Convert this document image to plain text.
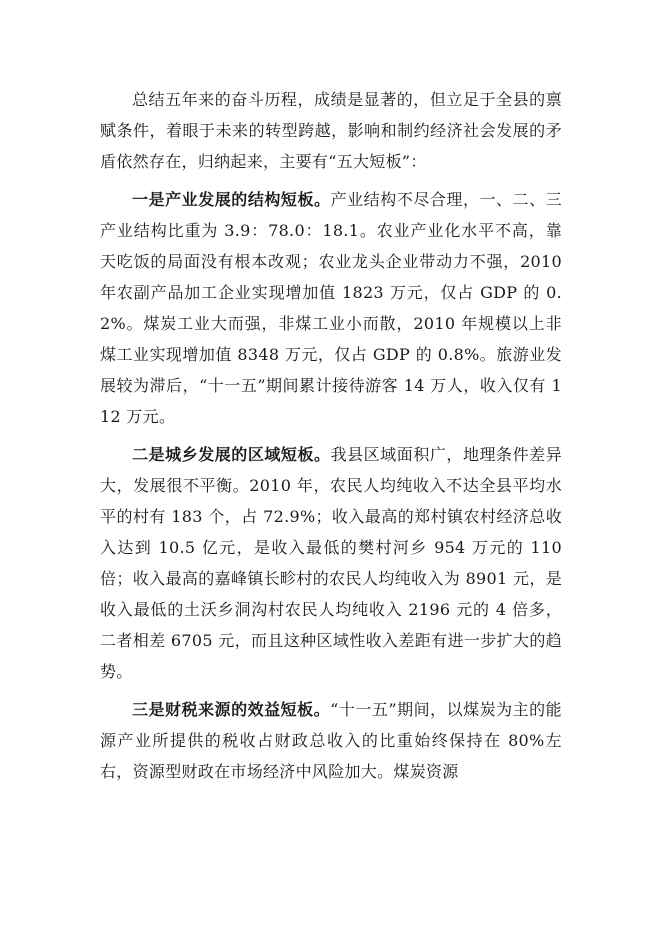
总结五年来的奋斗历程，成绩是显著的，但立足于全县的禀赋条件，着眼于未来的转型跨越，影响和制约经济社会发展的矛盾依然存在，归纳起来，主要有“五大短板”：

一是产业发展的结构短板。产业结构不尽合理，一、二、三产业结构比重为 3.9：78.0：18.1。农业产业化水平不高，靠天吃饭的局面没有根本改观；农业龙头企业带动力不强，2010 年农副产品加工企业实现增加值 1823 万元，仅占 GDP 的 0.2%。煤炭工业大而强，非煤工业小而散，2010 年规模以上非煤工业实现增加值 8348 万元，仅占 GDP 的 0.8%。旅游业发展较为滞后，“十一五”期间累计接待游客 14 万人，收入仅有 112 万元。

二是城乡发展的区域短板。我县区域面积广，地理条件差异大，发展很不平衡。2010 年，农民人均纯收入不达全县平均水平的村有 183 个，占 72.9%；收入最高的郑村镇农村经济总收入达到 10.5 亿元，是收入最低的樊村河乡 954 万元的 110 倍；收入最高的嘉峰镇长畛村的农民人均纯收入为 8901 元，是收入最低的土沃乡洞沟村农民人均纯收入 2196 元的 4 倍多，二者相差 6705 元，而且这种区域性收入差距有进一步扩大的趋势。

三是财税来源的效益短板。“十一五”期间，以煤炭为主的能源产业所提供的税收占财政总收入的比重始终保持在 80%左右，资源型财政在市场经济中风险加大。煤炭资源
